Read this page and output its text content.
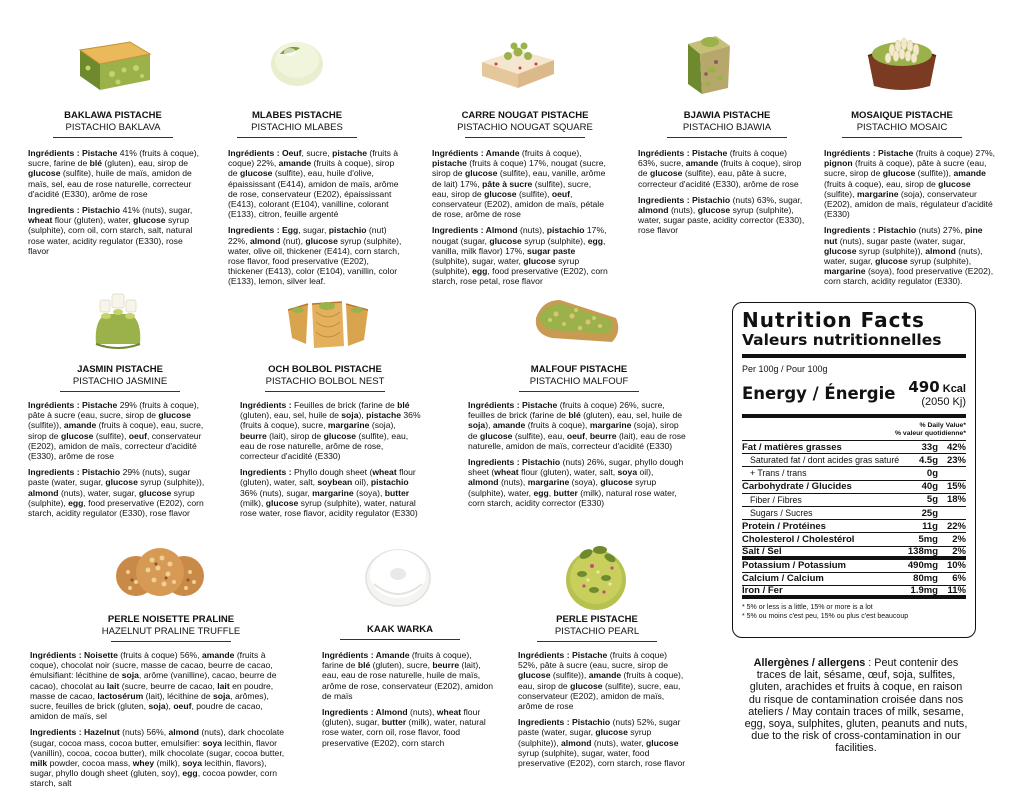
Nutrition Facts
Valeurs nutritionnelles
Per 100g / Pour 100g
Energy / Énergie 490 Kcal
(2050 Kj)
% Daily Value*
% valeur quotidienne*
Fat / matières grasses	33g 42%
Saturated fat / dont acides gras saturé	4.5g 23%
+ Trans / trans	0g
Carbohydrate / Glucides	40g 15%
Fiber / Fibres	5g 18%
Sugars / Sucres	25g
Protein / Protéines	11g 22%
Cholesterol / Cholestérol	5mg	2%
Salt / Sel	138mg	2%
Potassium / Potassium	490mg 10%
Calcium / Calcium	80mg	6%
Iron / Fer	1.9mg	11%
* 5% or less is a little, 15% or more is a lot
* 5% ou moins c'est peu, 15% ou plus c'est beaucoup
Allergènes / allergens : Peut contenir des traces de lait, sésame, œuf, soja, sulfites, gluten, arachides et fruits à coque, en raison du risque de contamination croisée dans nos ateliers / May contain traces of milk, sesame, egg, soya, sulphites, gluten, peanuts and nuts, due to the risk of cross-contamination in our facilities.
BAKLAWA PISTACHE
PISTACHIO BAKLAVA

Ingrédients : Pistache 41% (fruits à coque), sucre, farine de blé (gluten), eau, sirop de glucose (sulfite), huile de maïs, amidon de maïs, sel, eau de rose naturelle, correcteur d'acidité (E330), arôme de rose

Ingredients : Pistachio 41% (nuts), sugar, wheat flour (gluten), water, glucose syrup (sulphite), corn oil, corn starch, salt, natural rose water, acidity regulator (E330), rose flavor

MLABES PISTACHE
PISTACHIO MLABES

Ingrédients : Oeuf, sucre, pistache (fruits à coque) 22%, amande (fruits à coque), sirop de glucose (sulfite), eau, huile d'olive, épaississant (E414), amidon de maïs, arôme de rose, conservateur (E202), épaississant (E413), colorant (E104), vanilline, colorant (E133), citron, feuille argenté

Ingredients : Egg, sugar, pistachio (nut) 22%, almond (nut), glucose syrup (sulphite), water, olive oil, thickener (E414), corn starch, rose flavor, food preservative (E202), thickener (E413), color (E104), vanillin, color (E133), lemon, silver leaf.

CARRE NOUGAT PISTACHE
PISTACHIO NOUGAT SQUARE

Ingrédients : Amande (fruits à coque), pistache (fruits à coque) 17%, nougat (sucre, sirop de glucose (sulfite), eau, vanille, arôme de lait) 17%, pâte à sucre (sulfite), sucre, eau, sirop de glucose (sulfite), oeuf, conservateur (E202), amidon de maïs, pétale de rose, arôme de rose

Ingredients : Almond (nuts), pistachio 17%, nougat (sugar, glucose syrup (sulphite), egg, vanilla, milk flavor) 17%, sugar paste (sulphite), sugar, water, glucose syrup (sulphite), egg, food preservative (E202), corn starch, rose petal, rose flavor

BJAWIA PISTACHE
PISTACHIO BJAWIA

Ingrédients : Pistache (fruits à coque) 63%, sucre, amande (fruits à coque), sirop de glucose (sulfite), eau, pâte à sucre, correcteur d'acidité (E330), arôme de rose

Ingredients : Pistachio (nuts) 63%, sugar, almond (nuts), glucose syrup (sulphite), water, sugar paste, acidity corrector (E330), rose flavor

MOSAIQUE PISTACHE
PISTACHIO MOSAIC

Ingrédients : Pistache (fruits à coque) 27%, pignon (fruits à coque), pâte à sucre (eau, sucre, sirop de glucose (sulfite)), amande (fruits à coque), eau, sirop de glucose (sulfite), margarine (soja), conservateur (E202), amidon de maïs, régulateur d'acidité (E330)

Ingredients : Pistachio (nuts) 27%, pine nut (nuts), sugar paste (water, sugar, glucose syrup (sulphite)), almond (nuts), water, sugar, glucose syrup (sulphite), margarine (soya), food preservative (E202), corn starch, acidity regulator (E330).

JASMIN PISTACHE
PISTACHIO JASMINE

Ingrédients : Pistache 29% (fruits à coque), pâte à sucre (eau, sucre, sirop de glucose (sulfite)), amande (fruits à coque), eau, sucre, sirop de glucose (sulfite), oeuf, conservateur (E202), amidon de maïs, correcteur d'acidité (E330), arôme de rose

Ingredients : Pistachio 29% (nuts), sugar paste (water, sugar, glucose syrup (sulphite)), almond (nuts), water, sugar, glucose syrup (sulphite), egg, food preservative (E202), corn starch, acidity regulator (E330), rose flavor

OCH BOLBOL PISTACHE
PISTACHIO BOLBOL NEST

Ingrédients : Feuilles de brick (farine de blé (gluten), eau, sel, huile de soja), pistache 36% (fruits à coque), sucre, margarine (soja), beurre (lait), sirop de glucose (sulfite), eau, eau de rose naturelle, arôme de rose, correcteur d'acidité (E330)

Ingredients : Phyllo dough sheet (wheat flour (gluten), water, salt, soybean oil), pistachio 36% (nuts), sugar, margarine (soya), butter (milk), glucose syrup (sulphite), water, natural rose water, rose flavor, acidity regulator (E330)

MALFOUF PISTACHE
PISTACHIO MALFOUF

Ingrédients : Pistache (fruits à coque) 26%, sucre, feuilles de brick (farine de blé (gluten), eau, sel, huile de soja), amande (fruits à coque), margarine (soja), sirop de glucose (sulfite), eau, oeuf, beurre (lait), eau de rose naturelle, amidon de maïs, correcteur d'acidité (E330)

Ingredients : Pistachio (nuts) 26%, sugar, phyllo dough sheet (wheat flour (gluten), water, salt, soya oil), almond (nuts), margarine (soya), glucose syrup (sulphite), water, egg, butter (milk), natural rose water, corn starch, acidity corrector (E330)

PERLE NOISETTE PRALINE
HAZELNUT PRALINE TRUFFLE

Ingrédients : Noisette (fruits à coque) 56%, amande (fruits à coque), chocolat noir (sucre, masse de cacao, beurre de cacao, émulsifiant: lécithine de soja, arôme (vanilline), cacao, beurre de cacao), chocolat au lait (sucre, beurre de cacao, lait en poudre, masse de cacao, lactosérum (lait), lécithine de soja, arômes), sucre, feuilles de brick (gluten, soja), oeuf, poudre de cacao, amidon de maïs, sel

Ingredients : Hazelnut (nuts) 56%, almond (nuts), dark chocolate (sugar, cocoa mass, cocoa butter, emulsifier: soya lecithin, flavor (vanillin), cocoa, cocoa butter), milk chocolate (sugar, cocoa butter, milk powder, cocoa mass, whey (milk), soya lecithin, flavors), sugar, phyllo dough sheet (gluten, soy), egg, cocoa powder, corn starch, salt

KAAK WARKA

Ingrédients : Amande (fruits à coque), farine de blé (gluten), sucre, beurre (lait), eau, eau de rose naturelle, huile de maïs, arôme de rose, conservateur (E202), amidon de maïs

Ingredients : Almond (nuts), wheat flour (gluten), sugar, butter (milk), water, natural rose water, corn oil, rose flavor, food preservative (E202), corn starch

PERLE PISTACHE
PISTACHIO PEARL

Ingrédients : Pistache (fruits à coque) 52%, pâte à sucre (eau, sucre, sirop de glucose (sulfite)), amande (fruits à coque), eau, sirop de glucose (sulfite), sucre, eau, conservateur (E202), amidon de maïs, arôme de rose

Ingredients : Pistachio (nuts) 52%, sugar paste (water, sugar, glucose syrup (sulphite)), almond (nuts), water, glucose syrup (sulphite), sugar, water, food preservative (E202), corn starch, rose flavor
